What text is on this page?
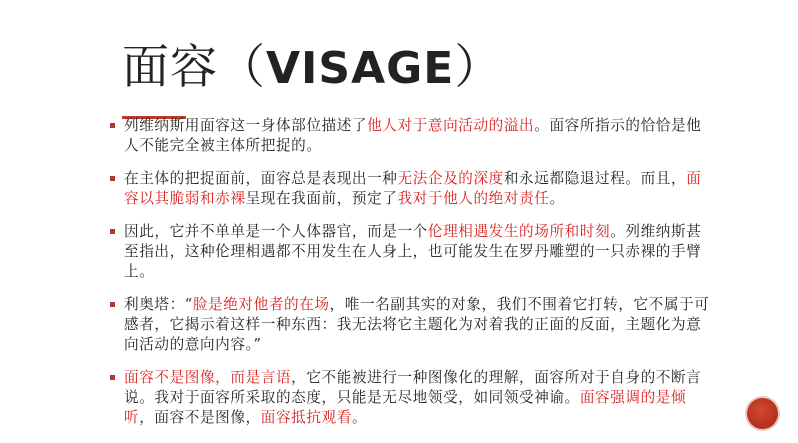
面容（VISAGE）
列维纳斯用面容这一身体部位描述了他人对于意向活动的溢出。面容所指示的恰恰是他人不能完全被主体所把捉的。
在主体的把捉面前，面容总是表现出一种无法企及的深度和永远都隐退过程。而且，面容以其脆弱和赤裸呈现在我面前，预定了我对于他人的绝对责任。
因此，它并不单单是一个人体器官，而是一个伦理相遇发生的场所和时刻。列维纳斯甚至指出，这种伦理相遇都不用发生在人身上，也可能发生在罗丹雕塑的一只赤裸的手臂上。
利奥塔：“脸是绝对他者的在场，唯一名副其实的对象，我们不围着它打转，它不属于可感者，它揭示着这样一种东西：我无法将它主题化为对着我的正面的反面，主题化为意向活动的意向内容。”
面容不是图像，而是言语，它不能被进行一种图像化的理解，面容所对于自身的不断言说。我对于面容所采取的态度，只能是无尽地领受，如同领受神谕。面容强调的是倾听，面容不是图像，面容抵抗观看。
